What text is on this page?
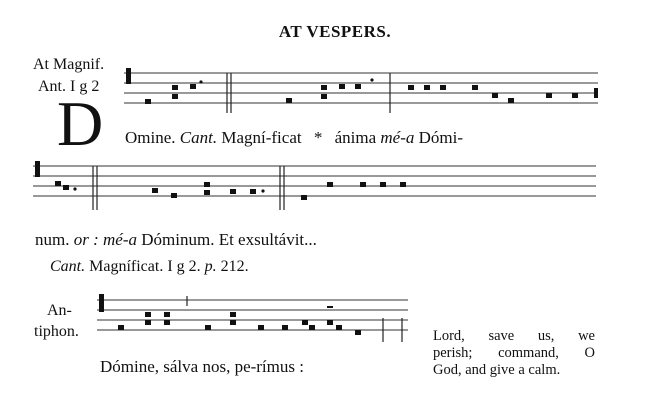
AT VESPERS.
At Magnif.
Ant. I g 2
D Omine. Cant. Magní-ficat * ánima mé-a Dómi-
num. or : mé-a Dóminum. Et exsultávit...
Cant. Magníficat. I g 2. p. 212.
An-
tiphon.
Dómine, sálva nos, pe-rímus :
Lord, save us, we
perish; command, O
God, and give a calm.
